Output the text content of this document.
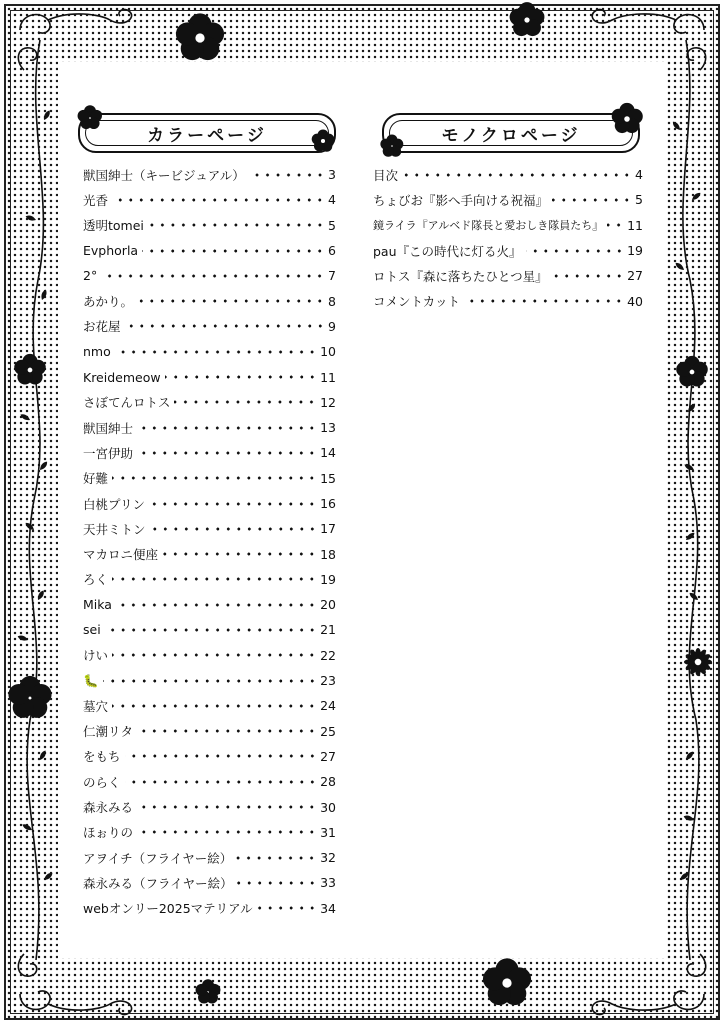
カラーページ	モノクロページ
獣国紳士（キービジュアル）	3
光香	4
透明tomei	5
Evphorla	6
2°	7
あかり。	8
お花屋	9
nmo	10
Kreidemeow	11
さぼてんロトス	12
獣国紳士	13
一宮伊助	14
好難	15
白桃プリン	16
天井ミトン	17
マカロニ便座	18
ろく	19
Mika	20
sei	21
けい	22
🐛	23
墓穴	24
仁潮リタ	25
をもち	27
のらく	28
森永みる	30
ほぉりの	31
アヲイチ（フライヤー絵）	32
森永みる（フライヤー絵）	33
webオンリー2025マテリアル	34
目次	4
ちょびお『影へ手向ける祝福』	5
鏡ライラ『アルベド隊長と愛おしき隊員たち』 11
pau『この時代に灯る火』	19
ロトス『森に落ちたひとつ星』	27
コメントカット	40
